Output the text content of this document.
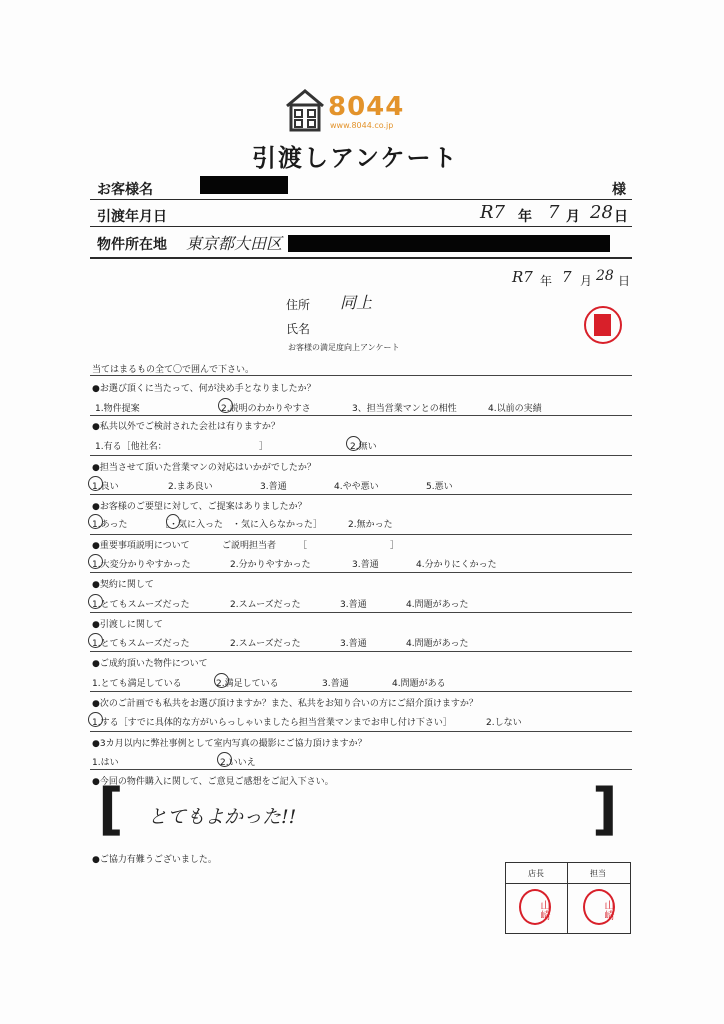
8044
www.8044.co.jp
引渡しアンケート
お客様名	様
引渡年月日	R7 年 7 月 28 日
物件所在地 東京都大田区
R7 年 7 月 28 日
住所 同上
氏名
お客様の満足度向上アンケート
当てはまるもの全て〇で囲んで下さい。
●お選び頂くに当たって、何が決め手となりましたか？
1.物件提案	2.説明のわかりやすさ	3、担当営業マンとの相性	4.以前の実績
●私共以外でご検討された会社は有りますか？
1.有る［他社名：	］	2.無い
●担当させて頂いた営業マンの対応はいかがでしたか？
1.良い	2.まあ良い	3.普通	4.やや悪い	5.悪い
●お客様のご要望に対して、ご提案はありましたか？
1.あった	［・気に入った ・気に入らなかった］	2.無かった
●重要事項説明について	ご説明担当者 ［	］
1.大変分かりやすかった	2.分かりやすかった	3.普通	4.分かりにくかった
●契約に関して
1.とてもスムーズだった	2.スムーズだった	3.普通	4.問題があった
●引渡しに関して
1.とてもスムーズだった	2.スムーズだった	3.普通	4.問題があった
●ご成約頂いた物件について
1.とても満足している	2.満足している	3.普通	4.問題がある
●次のご計画でも私共をお選び頂けますか？また、私共をお知り合いの方にご紹介頂けますか？
1.する［すでに具体的な方がいらっしゃいましたら担当営業マンまでお申し付け下さい］	2.しない
●3カ月以内に弊社事例として室内写真の撮影にご協力頂けますか？
1.はい	2.いいえ
●今回の物件購入に関して、ご意見ご感想をご記入下さい。
[ とてもよかった!!	]
●ご協力有難うございました。
店長	担当
山崎	山崎
